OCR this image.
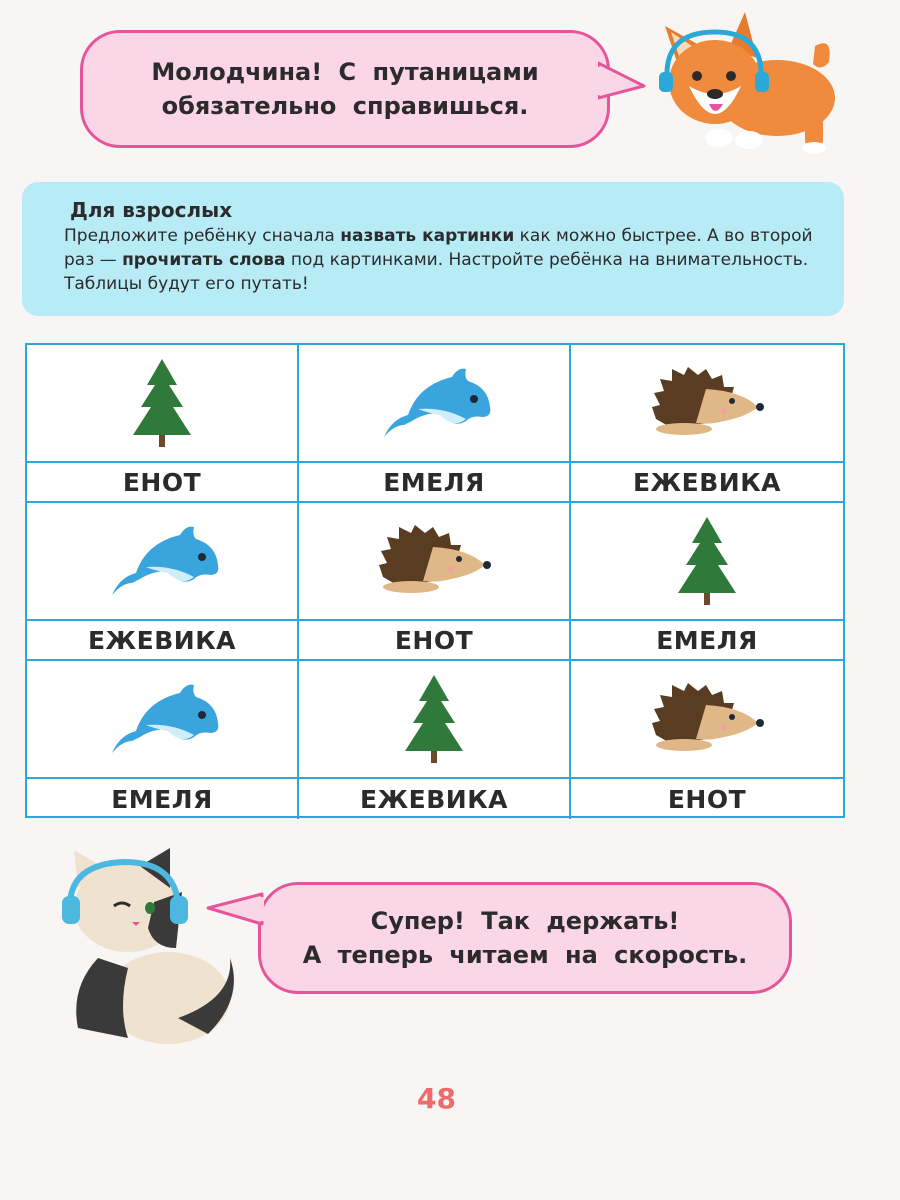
Молодчина! С путаницами
обязательно справишься.
Для взрослых
Предложите ребёнку сначала назвать картинки как можно быстрее. А во второй раз — прочитать слова под картинками. Настройте ребёнка на внимательность. Таблицы будут его путать!
ЕНОТ	ЕМЕЛЯ	ЕЖЕВИКА
ЕЖЕВИКА	ЕНОТ	ЕМЕЛЯ
ЕМЕЛЯ	ЕЖЕВИКА	ЕНОТ
Супер! Так держать!
А теперь читаем на скорость.
48
